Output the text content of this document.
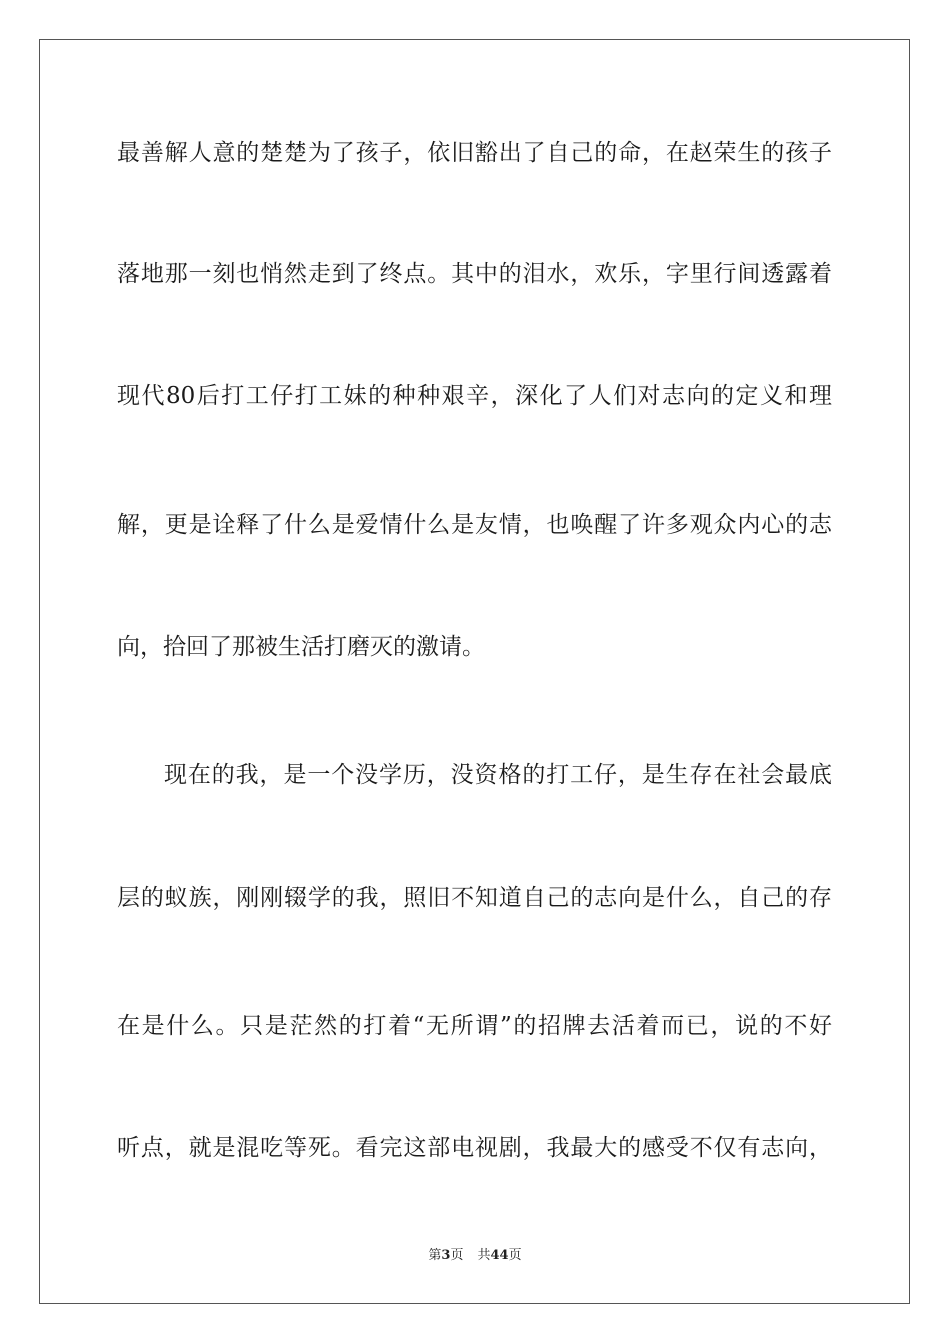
最善解人意的楚楚为了孩子，依旧豁出了自己的命，在赵荣生的孩子
落地那一刻也悄然走到了终点。其中的泪水，欢乐，字里行间透露着
现代80后打工仔打工妹的种种艰辛，深化了人们对志向的定义和理
解，更是诠释了什么是爱情什么是友情，也唤醒了许多观众内心的志
向，拾回了那被生活打磨灭的激请。
现在的我，是一个没学历，没资格的打工仔，是生存在社会最底
层的蚁族，刚刚辍学的我，照旧不知道自己的志向是什么，自己的存
在是什么。只是茫然的打着“无所谓”的招牌去活着而已，说的不好
听点，就是混吃等死。看完这部电视剧，我最大的感受不仅有志向，
第3页 共44页
